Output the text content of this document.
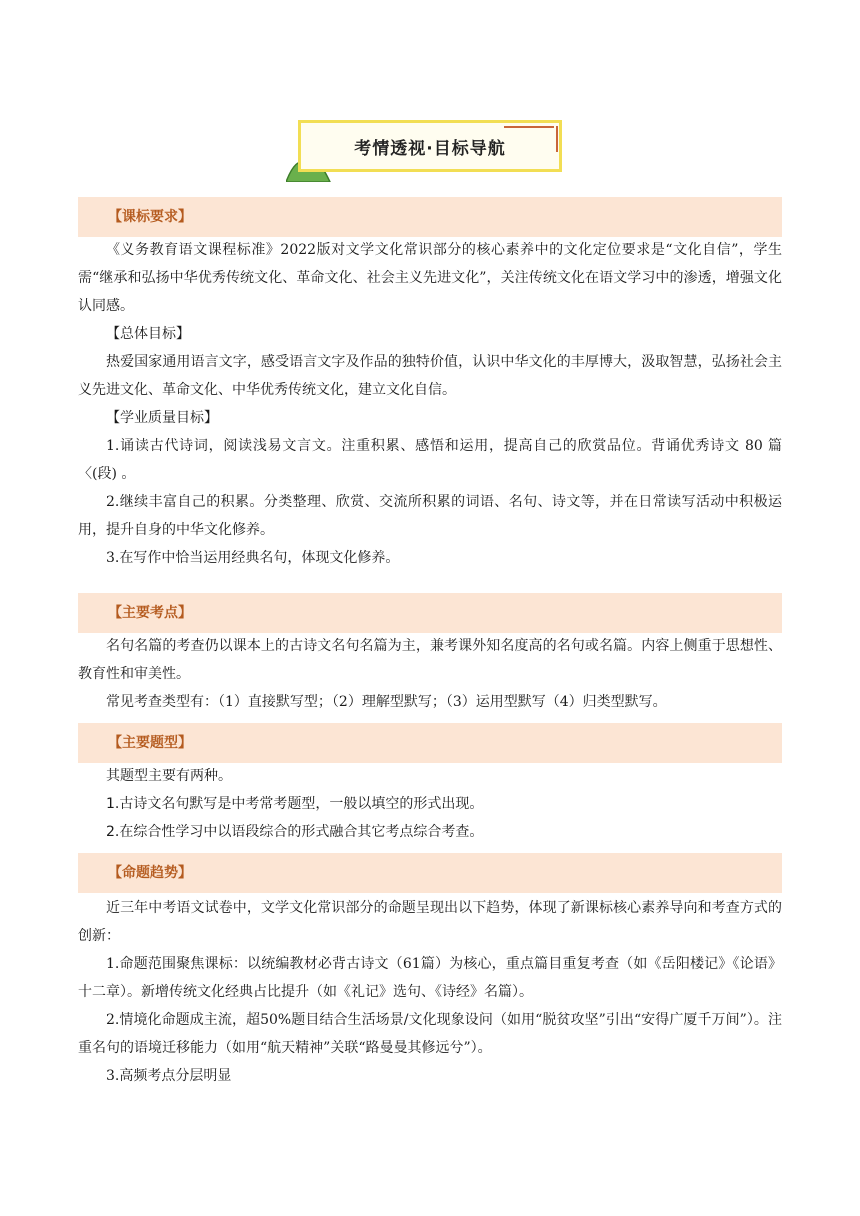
考情透视·目标导航
【课标要求】

《义务教育语文课程标准》2022版对文学文化常识部分的核心素养中的文化定位要求是“文化自信”，学生需“继承和弘扬中华优秀传统文化、革命文化、社会主义先进文化”，关注传统文化在语文学习中的渗透，增强文化认同感。

【总体目标】

热爱国家通用语言文字，感受语言文字及作品的独特价值，认识中华文化的丰厚博大，汲取智慧，弘扬社会主义先进文化、革命文化、中华优秀传统文化，建立文化自信。

【学业质量目标】

1.诵读古代诗词，阅读浅易文言文。注重积累、感悟和运用，提高自己的欣赏品位。背诵优秀诗文 80 篇 〈(段) 。

2.继续丰富自己的积累。分类整理、欣赏、交流所积累的词语、名句、诗文等，并在日常读写活动中积极运用，提升自身的中华文化修养。

3.在写作中恰当运用经典名句，体现文化修养。

【主要考点】

名句名篇的考查仍以课本上的古诗文名句名篇为主，兼考课外知名度高的名句或名篇。内容上侧重于思想性、教育性和审美性。

常见考查类型有：（1）直接默写型；（2）理解型默写；（3）运用型默写（4）归类型默写。

【主要题型】

其题型主要有两种。

1.古诗文名句默写是中考常考题型，一般以填空的形式出现。

2.在综合性学习中以语段综合的形式融合其它考点综合考查。

【命题趋势】

近三年中考语文试卷中，文学文化常识部分的命题呈现出以下趋势，体现了新课标核心素养导向和考查方式的创新：

1.命题范围聚焦课标：以统编教材必背古诗文（61篇）为核心，重点篇目重复考查（如《岳阳楼记》《论语》十二章）。新增传统文化经典占比提升（如《礼记》选句、《诗经》名篇）。

2.情境化命题成主流，超50%题目结合生活场景/文化现象设问（如用“脱贫攻坚”引出“安得广厦千万间”）。注重名句的语境迁移能力（如用“航天精神”关联“路曼曼其修远兮”）。

3.高频考点分层明显
